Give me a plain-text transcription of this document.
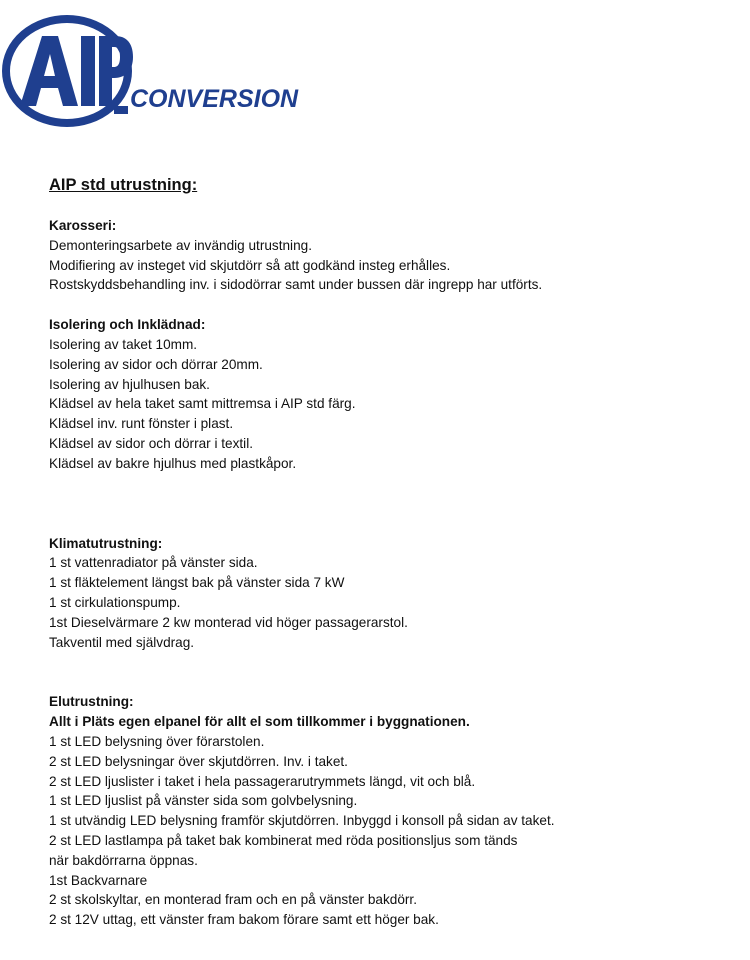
CONVERSION
AIP std utrustning:
Karosseri:
Demonteringsarbete av invändig utrustning.
Modifiering av insteget vid skjutdörr så att godkänd insteg erhålles.
Rostskyddsbehandling inv. i sidodörrar samt under bussen där ingrepp har utförts.
Isolering och Inklädnad:
Isolering av taket 10mm.
Isolering av sidor och dörrar 20mm.
Isolering av hjulhusen bak.
Klädsel av hela taket samt mittremsa i AIP std färg.
Klädsel inv. runt fönster i plast.
Klädsel av sidor och dörrar i textil.
Klädsel av bakre hjulhus med plastkåpor.
Klimatutrustning:
1 st vattenradiator på vänster sida.
1 st fläktelement längst bak på vänster sida 7 kW
1 st cirkulationspump.
1st Dieselvärmare 2 kw monterad vid höger passagerarstol.
Takventil med självdrag.
Elutrustning:
Allt i Pläts egen elpanel för allt el som tillkommer i byggnationen.
1 st LED belysning över förarstolen.
2 st LED belysningar över skjutdörren. Inv. i taket.
2 st LED ljuslister i taket i hela passagerarutrymmets längd, vit och blå.
1 st LED ljuslist på vänster sida som golvbelysning.
1 st utvändig LED belysning framför skjutdörren. Inbyggd i konsoll på sidan av taket.
2 st LED lastlampa på taket bak kombinerat med röda positionsljus som tänds
när bakdörrarna öppnas.
1st Backvarnare
2 st skolskyltar, en monterad fram och en på vänster bakdörr.
2 st 12V uttag, ett vänster fram bakom förare samt ett höger bak.
